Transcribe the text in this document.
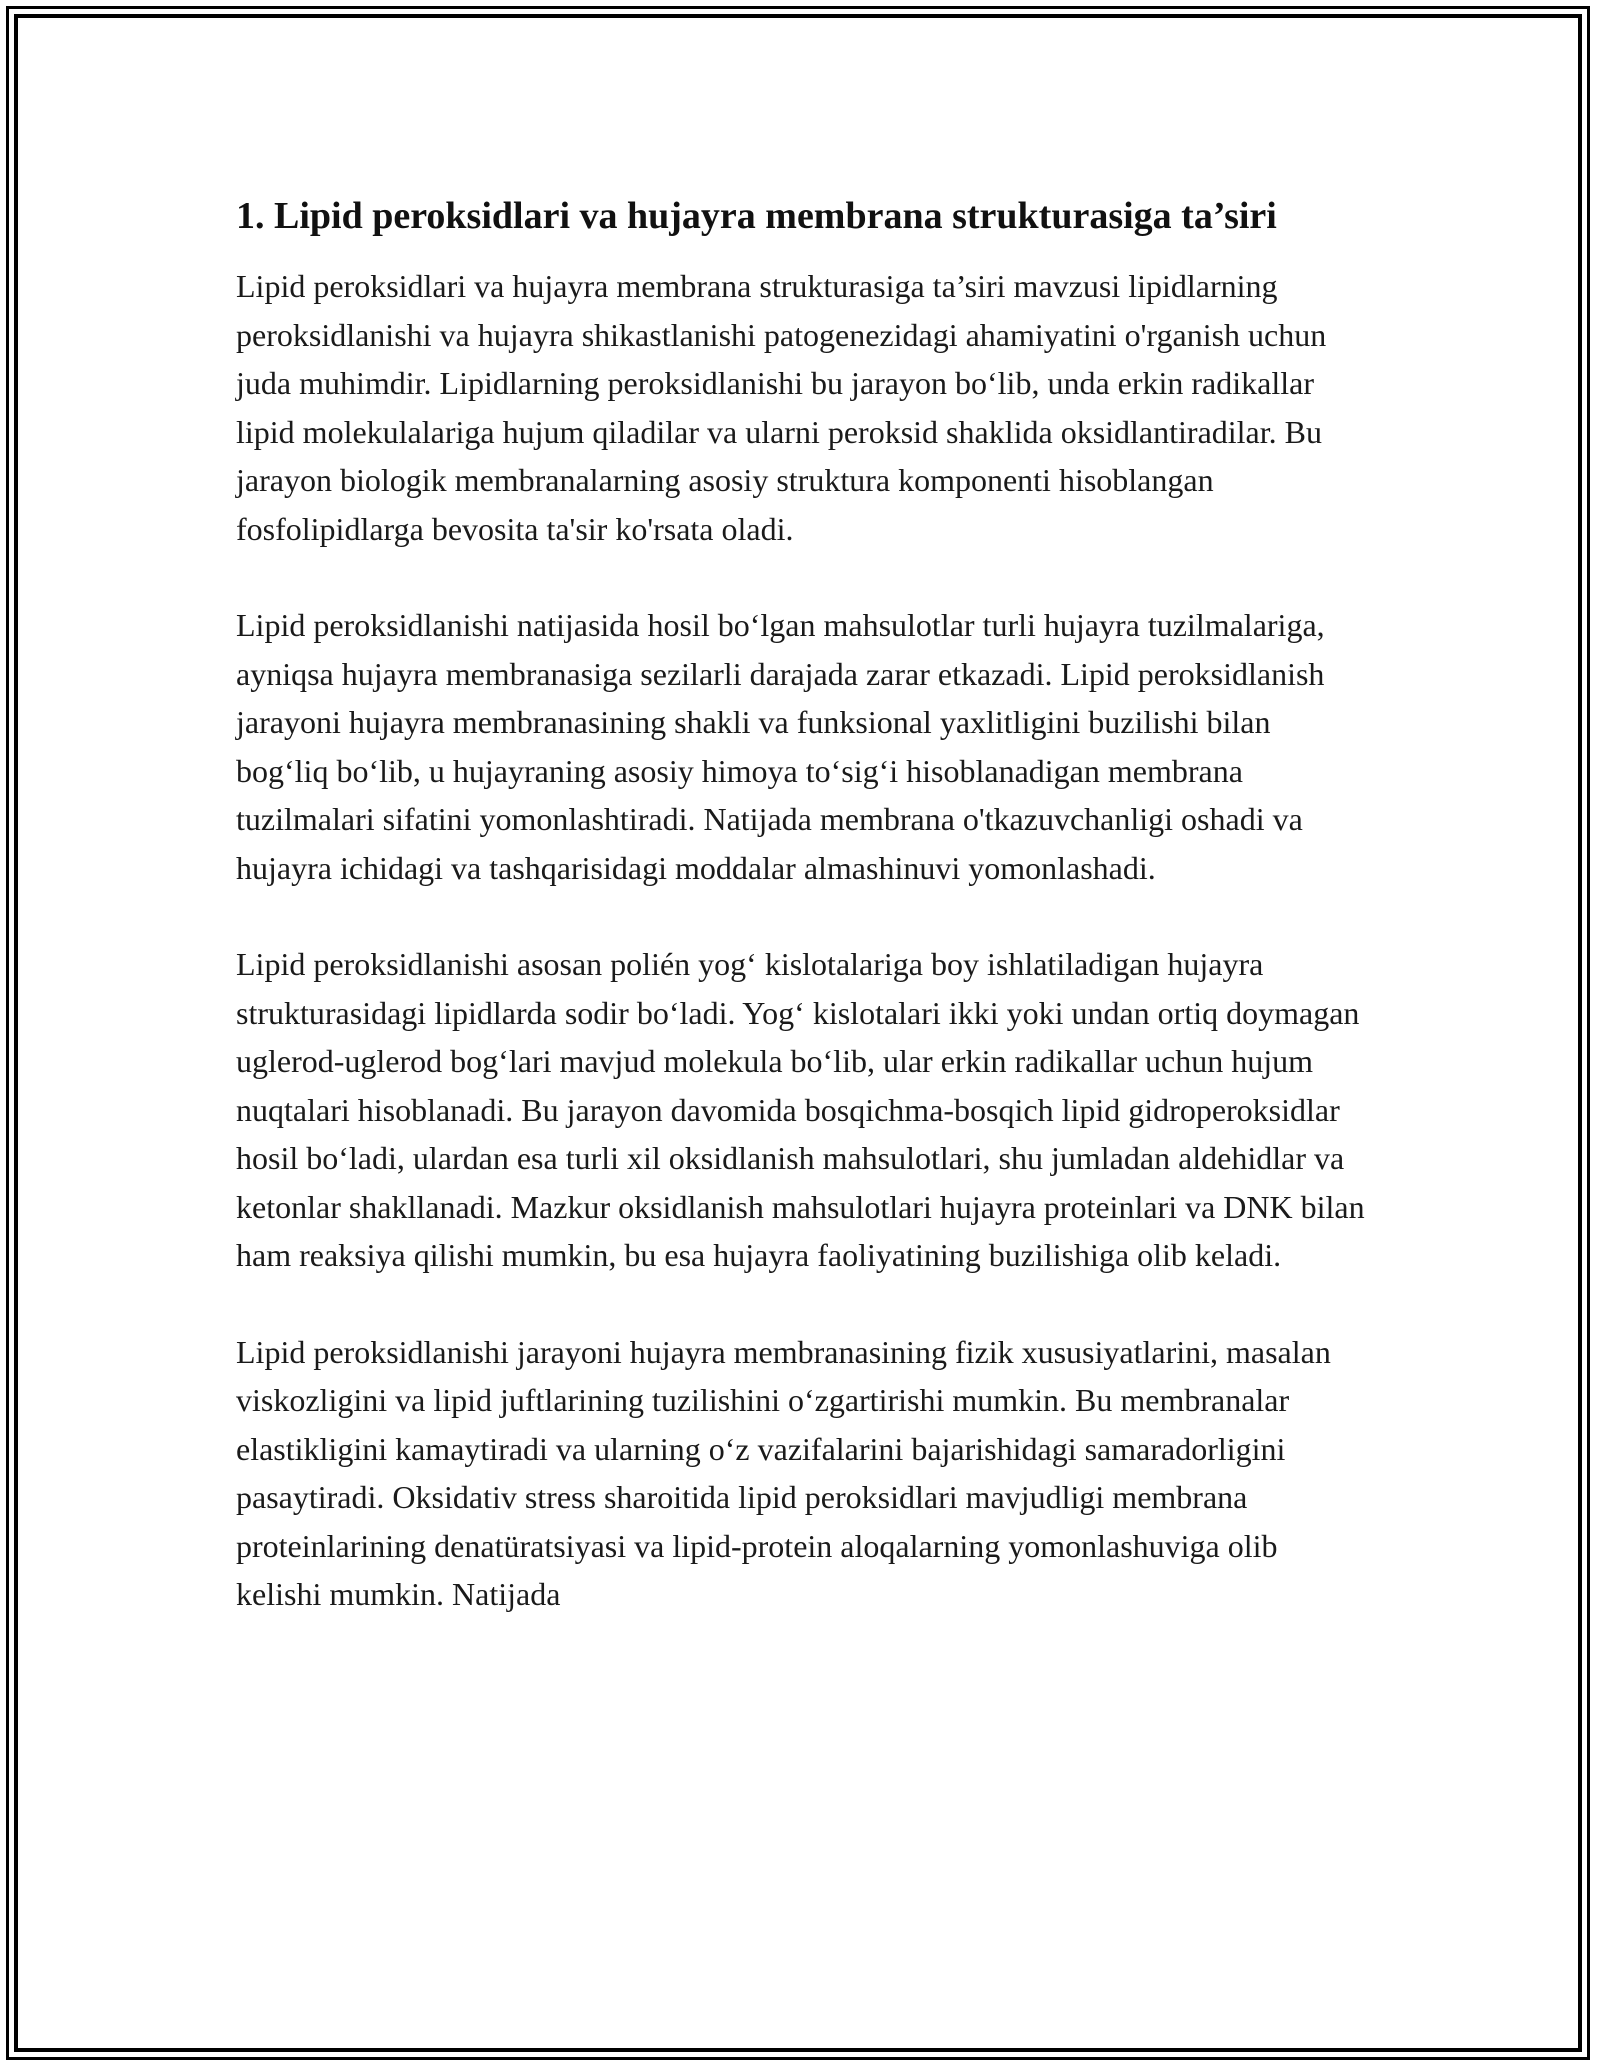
1. Lipid peroksidlari va hujayra membrana strukturasiga ta’siri

Lipid peroksidlari va hujayra membrana strukturasiga ta’siri mavzusi lipidlarning peroksidlanishi va hujayra shikastlanishi patogenezidagi ahamiyatini o'rganish uchun juda muhimdir. Lipidlarning peroksidlanishi bu jarayon bo‘lib, unda erkin radikallar lipid molekulalariga hujum qiladilar va ularni peroksid shaklida oksidlantiradilar. Bu jarayon biologik membranalarning asosiy struktura komponenti hisoblangan fosfolipidlarga bevosita ta'sir ko'rsata oladi.

Lipid peroksidlanishi natijasida hosil bo‘lgan mahsulotlar turli hujayra tuzilmalariga, ayniqsa hujayra membranasiga sezilarli darajada zarar etkazadi. Lipid peroksidlanish jarayoni hujayra membranasining shakli va funksional yaxlitligini buzilishi bilan bog‘liq bo‘lib, u hujayraning asosiy himoya to‘sig‘i hisoblanadigan membrana tuzilmalari sifatini yomonlashtiradi. Natijada membrana o'tkazuvchanligi oshadi va hujayra ichidagi va tashqarisidagi moddalar almashinuvi yomonlashadi.

Lipid peroksidlanishi asosan polién yog‘ kislotalariga boy ishlatiladigan hujayra strukturasidagi lipidlarda sodir bo‘ladi. Yog‘ kislotalari ikki yoki undan ortiq doymagan uglerod-uglerod bog‘lari mavjud molekula bo‘lib, ular erkin radikallar uchun hujum nuqtalari hisoblanadi. Bu jarayon davomida bosqichma-bosqich lipid gidroperoksidlar hosil bo‘ladi, ulardan esa turli xil oksidlanish mahsulotlari, shu jumladan aldehidlar va ketonlar shakllanadi. Mazkur oksidlanish mahsulotlari hujayra proteinlari va DNK bilan ham reaksiya qilishi mumkin, bu esa hujayra faoliyatining buzilishiga olib keladi.

Lipid peroksidlanishi jarayoni hujayra membranasining fizik xususiyatlarini, masalan viskozligini va lipid juftlarining tuzilishini o‘zgartirishi mumkin. Bu membranalar elastikligini kamaytiradi va ularning o‘z vazifalarini bajarishidagi samaradorligini pasaytiradi. Oksidativ stress sharoitida lipid peroksidlari mavjudligi membrana proteinlarining denatüratsiyasi va lipid-protein aloqalarning yomonlashuviga olib kelishi mumkin. Natijada
